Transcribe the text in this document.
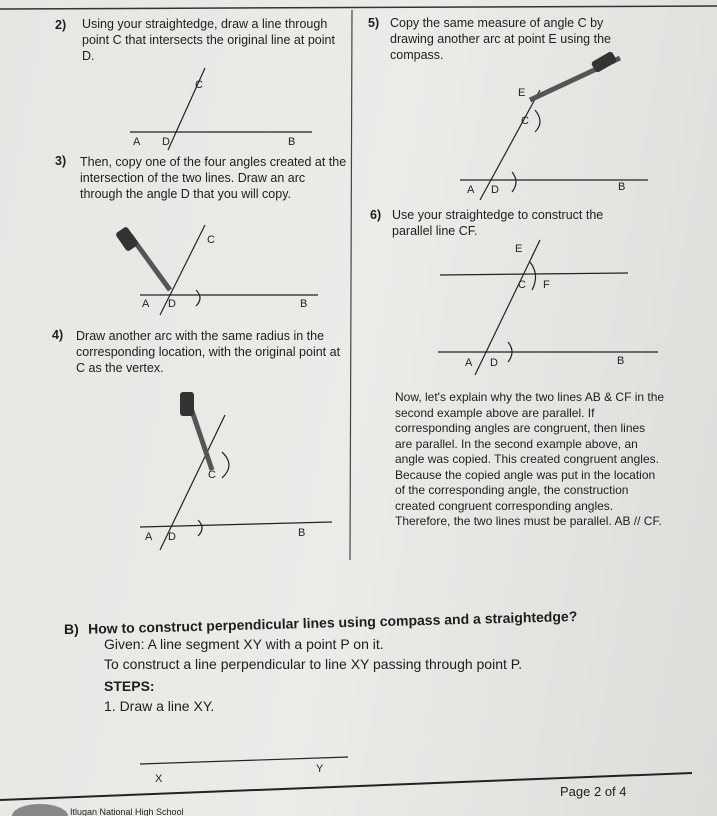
C
A D	B
C
A D	B
C
A D	B
E
C
A D	B
E
C F
A D	B
X
Y
2) Using your straightedge, draw a line through point C that intersects the original line at point D.

3) Then, copy one of the four angles created at the intersection of the two lines. Draw an arc through the angle D that you will copy.

4) Draw another arc with the same radius in the corresponding location, with the original point at C as the vertex.

5) Copy the same measure of angle C by drawing another arc at point E using the compass.

6) Use your straightedge to construct the parallel line CF.

Now, let's explain why the two lines AB & CF in the second example above are parallel. If corresponding angles are congruent, then lines are parallel. In the second example above, an angle was copied. This created congruent angles. Because the copied angle was put in the location of the corresponding angle, the construction created congruent corresponding angles. Therefore, the two lines must be parallel. AB // CF.

B) How to construct perpendicular lines using compass and a straightedge?

Given: A line segment XY with a point P on it.

To construct a line perpendicular to line XY passing through point P.

STEPS:

1. Draw a line XY.

Page 2 of 4
Itlugan National High School
